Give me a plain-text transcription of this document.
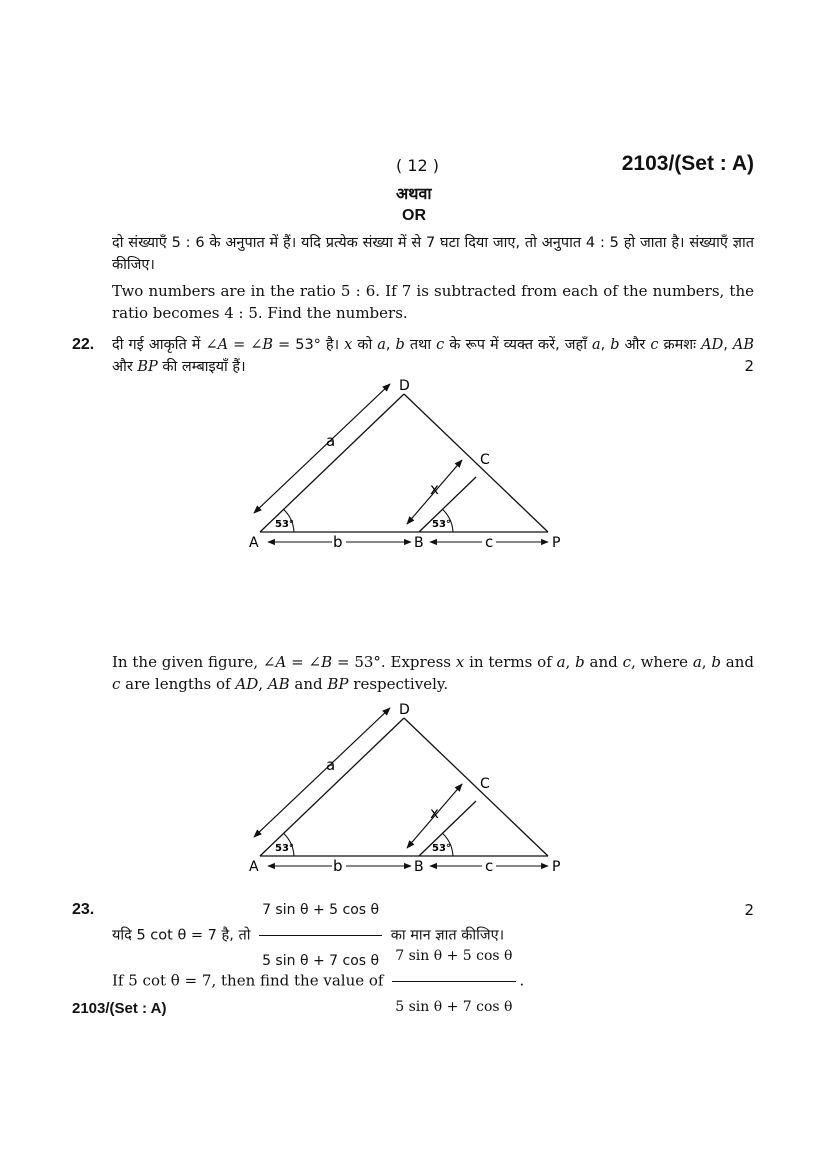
( 12 )	2103/(Set : A)
अथवा
OR
दो संख्याएँ 5 : 6 के अनुपात में हैं। यदि प्रत्येक संख्या में से 7 घटा दिया जाए, तो अनुपात 4 : 5 हो जाता है। संख्याएँ ज्ञात कीजिए।
Two numbers are in the ratio 5 : 6. If 7 is subtracted from each of the numbers, the ratio becomes 4 : 5. Find the numbers.
22. दी गई आकृति में ∠A = ∠B = 53° है। x को a, b तथा c के रूप में व्यक्त करें, जहाँ a, b और c क्रमशः AD, AB और BP की लम्बाइयाँ हैं।	2
D
C
A	B	P
a
x
b	c
53°	53°
In the given figure, ∠A = ∠B = 53°. Express x in terms of a, b and c, where a, b and c are lengths of AD, AB and BP respectively.
D
C
A	B	P
a
x
b	c
53°	53°
23.
यदि 5 cot θ = 7 है, तो $\frac{\text{7 sin θ + 5 cos θ}}{\text{5 sin θ + 7 cos θ}}$ का मान ज्ञात कीजिए।
2
If 5 cot θ = 7, then find the value of $\frac{\text{7 sin θ + 5 cos θ}}{\text{5 sin θ + 7 cos θ}}$ .
2103/(Set : A)
